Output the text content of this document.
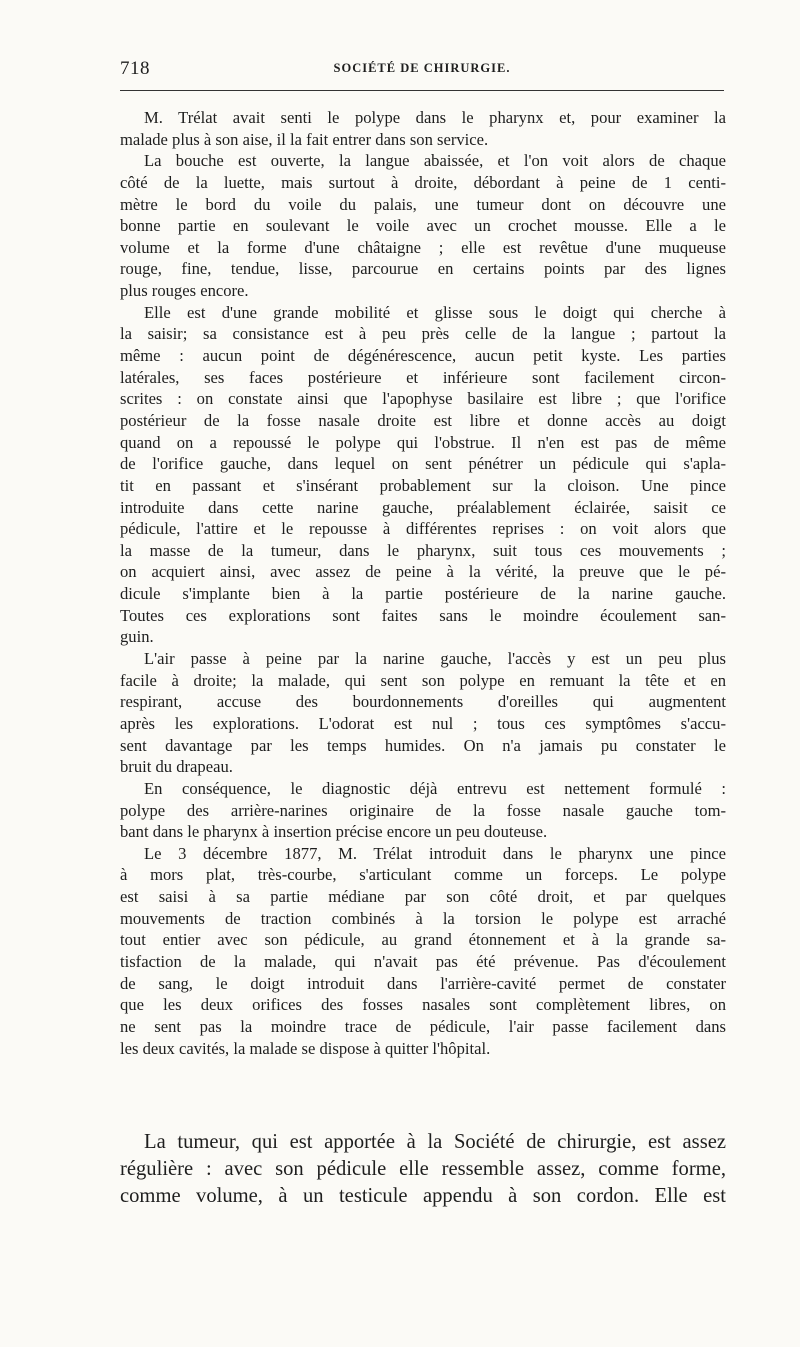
718	SOCIÉTÉ DE CHIRURGIE.
M. Trélat avait senti le polype dans le pharynx et, pour examiner la
malade plus à son aise, il la fait entrer dans son service.
La bouche est ouverte, la langue abaissée, et l'on voit alors de chaque
côté de la luette, mais surtout à droite, débordant à peine de 1 centi-
mètre le bord du voile du palais, une tumeur dont on découvre une
bonne partie en soulevant le voile avec un crochet mousse. Elle a le
volume et la forme d'une châtaigne ; elle est revêtue d'une muqueuse
rouge, fine, tendue, lisse, parcourue en certains points par des lignes
plus rouges encore.
Elle est d'une grande mobilité et glisse sous le doigt qui cherche à
la saisir; sa consistance est à peu près celle de la langue ; partout la
même : aucun point de dégénérescence, aucun petit kyste. Les parties
latérales, ses faces postérieure et inférieure sont facilement circon-
scrites : on constate ainsi que l'apophyse basilaire est libre ; que l'orifice
postérieur de la fosse nasale droite est libre et donne accès au doigt
quand on a repoussé le polype qui l'obstrue. Il n'en est pas de même
de l'orifice gauche, dans lequel on sent pénétrer un pédicule qui s'apla-
tit en passant et s'insérant probablement sur la cloison. Une pince
introduite dans cette narine gauche, préalablement éclairée, saisit ce
pédicule, l'attire et le repousse à différentes reprises : on voit alors que
la masse de la tumeur, dans le pharynx, suit tous ces mouvements ;
on acquiert ainsi, avec assez de peine à la vérité, la preuve que le pé-
dicule s'implante bien à la partie postérieure de la narine gauche.
Toutes ces explorations sont faites sans le moindre écoulement san-
guin.
L'air passe à peine par la narine gauche, l'accès y est un peu plus
facile à droite; la malade, qui sent son polype en remuant la tête et en
respirant, accuse des bourdonnements d'oreilles qui augmentent
après les explorations. L'odorat est nul ; tous ces symptômes s'accu-
sent davantage par les temps humides. On n'a jamais pu constater le
bruit du drapeau.
En conséquence, le diagnostic déjà entrevu est nettement formulé :
polype des arrière-narines originaire de la fosse nasale gauche tom-
bant dans le pharynx à insertion précise encore un peu douteuse.
Le 3 décembre 1877, M. Trélat introduit dans le pharynx une pince
à mors plat, très-courbe, s'articulant comme un forceps. Le polype
est saisi à sa partie médiane par son côté droit, et par quelques
mouvements de traction combinés à la torsion le polype est arraché
tout entier avec son pédicule, au grand étonnement et à la grande sa-
tisfaction de la malade, qui n'avait pas été prévenue. Pas d'écoulement
de sang, le doigt introduit dans l'arrière-cavité permet de constater
que les deux orifices des fosses nasales sont complètement libres, on
ne sent pas la moindre trace de pédicule, l'air passe facilement dans
les deux cavités, la malade se dispose à quitter l'hôpital.
La tumeur, qui est apportée à la Société de chirurgie, est assez
régulière : avec son pédicule elle ressemble assez, comme forme,
comme volume, à un testicule appendu à son cordon. Elle est
